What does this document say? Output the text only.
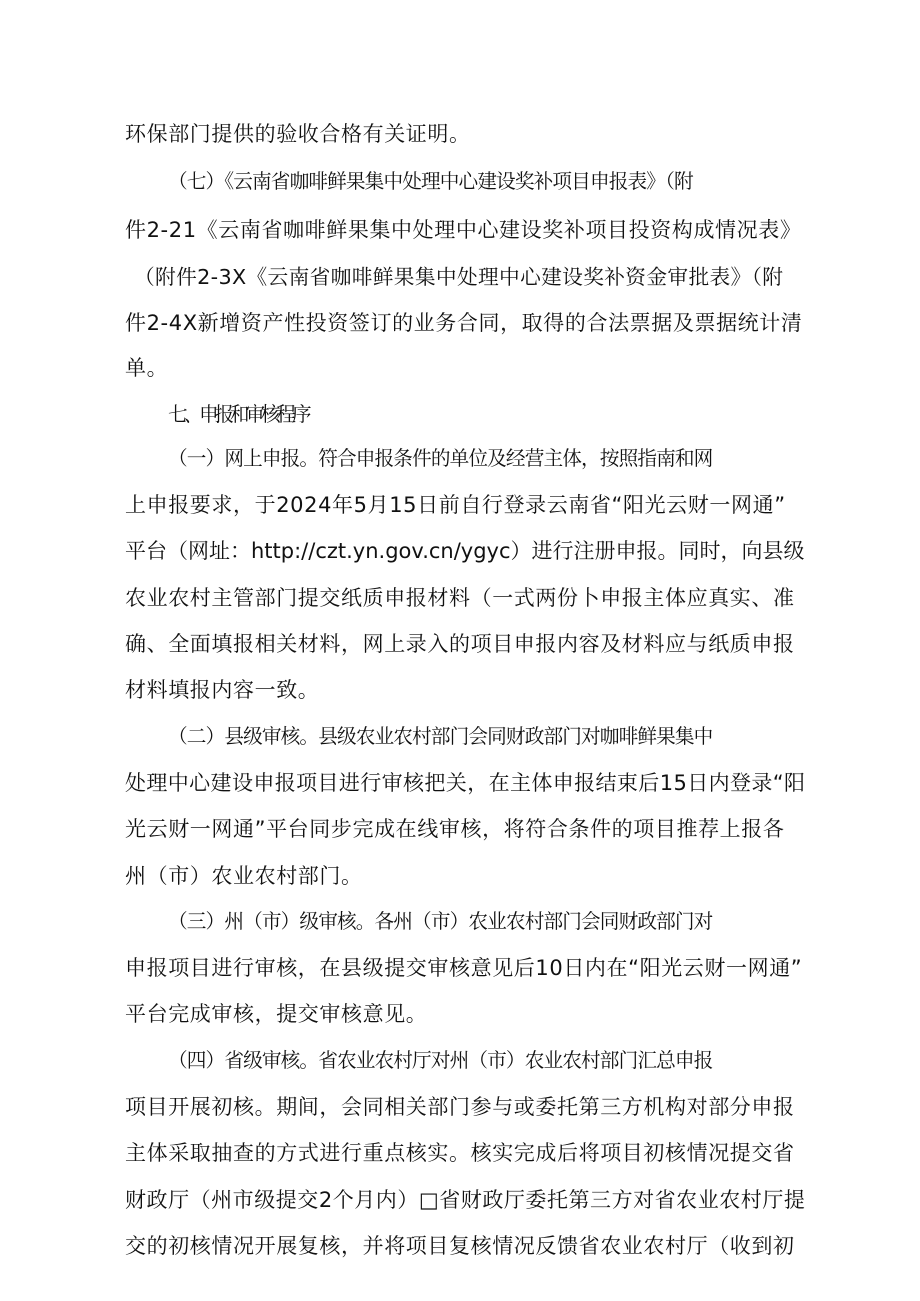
环保部门提供的验收合格有关证明。
（七）《云南省咖啡鲜果集中处理中心建设奖补项目申报表》（附
件2-21《云南省咖啡鲜果集中处理中心建设奖补项目投资构成情况表》
（附件2-3X《云南省咖啡鲜果集中处理中心建设奖补资金审批表》（附
件2-4X新增资产性投资签订的业务合同，取得的合法票据及票据统计清
单。
七、申报和审核程序
（一）网上申报。符合申报条件的单位及经营主体，按照指南和网
上申报要求，于2024年5月15日前自行登录云南省“阳光云财一网通”
平台（网址：http://czt.yn.gov.cn/ygyc）进行注册申报。同时，向县级
农业农村主管部门提交纸质申报材料（一式两份卜申报主体应真实、准
确、全面填报相关材料，网上录入的项目申报内容及材料应与纸质申报
材料填报内容一致。
（二）县级审核。县级农业农村部门会同财政部门对咖啡鲜果集中
处理中心建设申报项目进行审核把关，在主体申报结束后15日内登录“阳
光云财一网通”平台同步完成在线审核，将符合条件的项目推荐上报各
州（市）农业农村部门。
（三）州（市）级审核。各州（市）农业农村部门会同财政部门对
申报项目进行审核，在县级提交审核意见后10日内在“阳光云财一网通”
平台完成审核，提交审核意见。
（四）省级审核。省农业农村厅对州（市）农业农村部门汇总申报
项目开展初核。期间，会同相关部门参与或委托第三方机构对部分申报
主体采取抽查的方式进行重点核实。核实完成后将项目初核情况提交省
财政厅（州市级提交2个月内）□省财政厅委托第三方对省农业农村厅提
交的初核情况开展复核，并将项目复核情况反馈省农业农村厅（收到初
